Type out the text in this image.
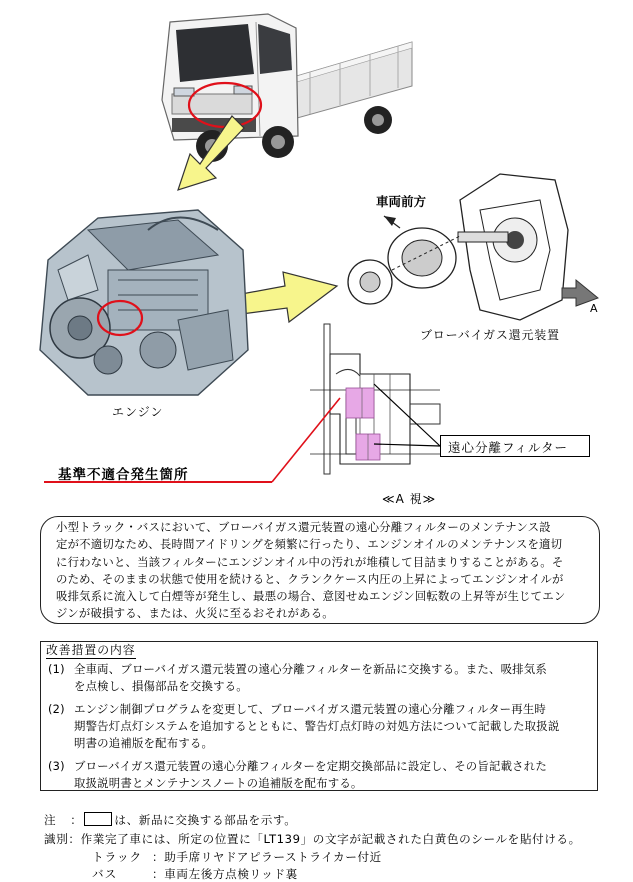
エンジン
車両前方
A
ブローバイガス還元装置
遠心分離フィルター
基準不適合発生箇所
≪A 視≫

小型トラック・バスにおいて、ブローバイガス還元装置の遠心分離フィルターのメンテナンス設

定が不適切なため、長時間アイドリングを頻繁に行ったり、エンジンオイルのメンテナンスを適切

に行わないと、当該フィルターにエンジンオイル中の汚れが堆積して目詰まりすることがある。そ

のため、そのままの状態で使用を続けると、クランクケース内圧の上昇によってエンジンオイルが

吸排気系に流入して白煙等が発生し、最悪の場合、意図せぬエンジン回転数の上昇等が生じてエン

ジンが破損する、または、火災に至るおそれがある。

改善措置の内容
(1) 全車両、ブローバイガス還元装置の遠心分離フィルターを新品に交換する。また、吸排気系

を点検し、損傷部品を交換する。

(2) エンジン制御プログラムを変更して、ブローバイガス還元装置の遠心分離フィルター再生時

期警告灯点灯システムを追加するとともに、警告灯点灯時の対処方法について記載した取扱説

明書の追補版を配布する。

(3) ブローバイガス還元装置の遠心分離フィルターを定期交換部品に設定し、その旨記載された

取扱説明書とメンテナンスノートの追補版を配布する。

注 ：	は、新品に交換する部品を示す。
識別：作業完了車には、所定の位置に「LT139」の文字が記載された白黄色のシールを貼付ける。
トラック ：助手席リヤドアピラーストライカー付近
バス	：車両左後方点検リッド裏
